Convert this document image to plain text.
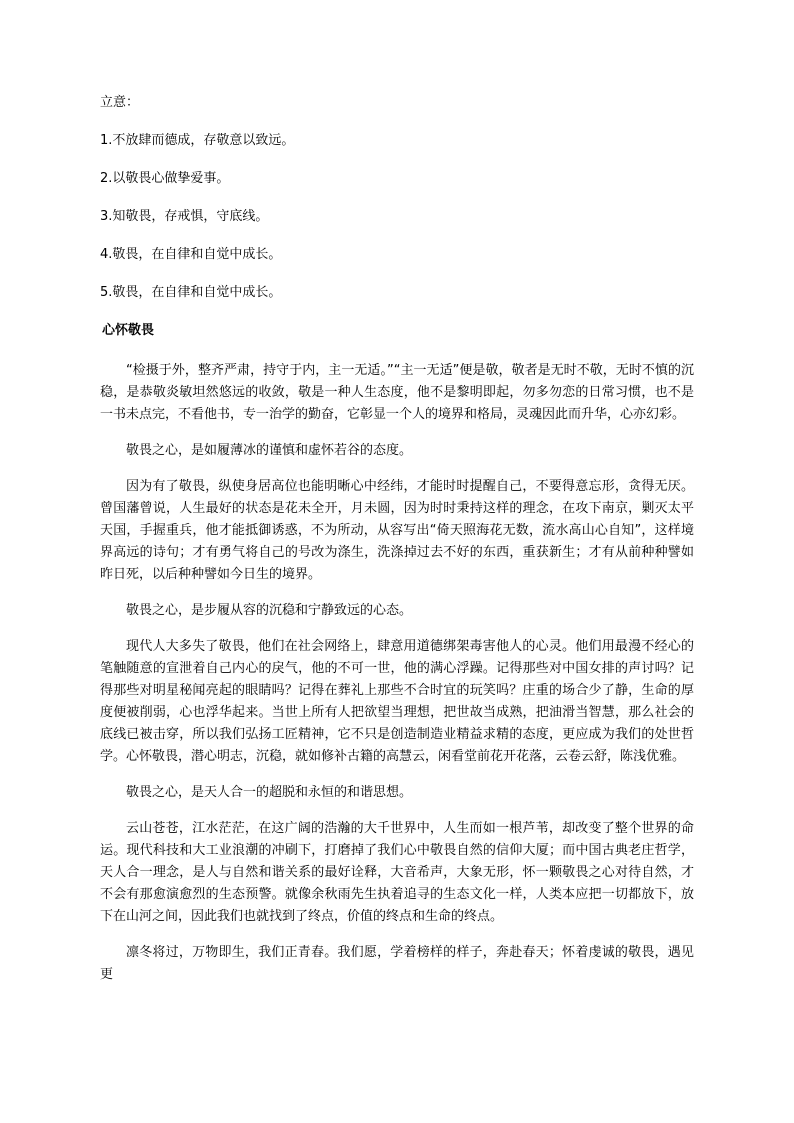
立意：
1.不放肆而德成，存敬意以致远。
2.以敬畏心做挚爱事。
3.知敬畏，存戒惧，守底线。
4.敬畏，在自律和自觉中成长。
5.敬畏，在自律和自觉中成长。
心怀敬畏

“检摄于外，整齐严肃，持守于内，主一无适。”“主一无适”便是敬，敬者是无时不敬，无时不慎的沉稳，是恭敬炎敏坦然悠远的收敛，敬是一种人生态度，他不是黎明即起，勿多勿恋的日常习惯，也不是一书未点完，不看他书，专一治学的勤奋，它彰显一个人的境界和格局，灵魂因此而升华，心亦幻彩。

敬畏之心，是如履薄冰的谨慎和虚怀若谷的态度。

因为有了敬畏，纵使身居高位也能明晰心中经纬，才能时时提醒自己，不要得意忘形，贪得无厌。曾国藩曾说，人生最好的状态是花未全开，月未圆，因为时时秉持这样的理念，在攻下南京，剿灭太平天国，手握重兵，他才能抵御诱惑，不为所动，从容写出“倚天照海花无数，流水高山心自知”，这样境界高远的诗句；才有勇气将自己的号改为涤生，洗涤掉过去不好的东西，重获新生；才有从前种种譬如昨日死，以后种种譬如今日生的境界。

敬畏之心，是步履从容的沉稳和宁静致远的心态。

现代人大多失了敬畏，他们在社会网络上，肆意用道德绑架毒害他人的心灵。他们用最漫不经心的笔触随意的宣泄着自己内心的戾气，他的不可一世，他的满心浮躁。记得那些对中国女排的声讨吗？记得那些对明星秘闻亮起的眼睛吗？记得在葬礼上那些不合时宜的玩笑吗？庄重的场合少了静，生命的厚度便被削弱，心也浮华起来。当世上所有人把欲望当理想，把世故当成熟，把油滑当智慧，那么社会的底线已被击穿，所以我们弘扬工匠精神，它不只是创造制造业精益求精的态度，更应成为我们的处世哲学。心怀敬畏，潜心明志，沉稳，就如修补古籍的高慧云，闲看堂前花开花落，云卷云舒，陈浅优雅。

敬畏之心，是天人合一的超脱和永恒的和谐思想。

云山苍苍，江水茫茫，在这广阔的浩瀚的大千世界中，人生而如一根芦苇，却改变了整个世界的命运。现代科技和大工业浪潮的冲刷下，打磨掉了我们心中敬畏自然的信仰大厦；而中国古典老庄哲学，天人合一理念，是人与自然和谐关系的最好诠释，大音希声，大象无形，怀一颗敬畏之心对待自然，才不会有那愈演愈烈的生态预警。就像余秋雨先生执着追寻的生态文化一样，人类本应把一切都放下，放下在山河之间，因此我们也就找到了终点，价值的终点和生命的终点。

凛冬将过，万物即生，我们正青春。我们愿，学着榜样的样子，奔赴春天；怀着虔诚的敬畏，遇见更
